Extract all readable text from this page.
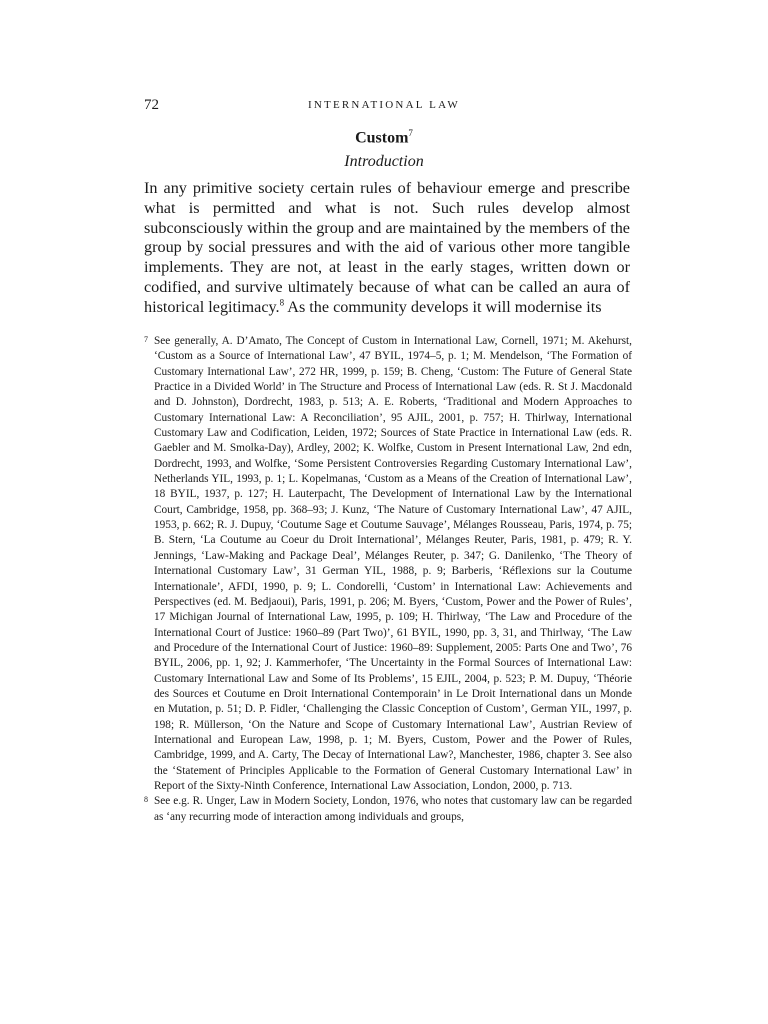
72	INTERNATIONAL LAW
Custom$^7$
Introduction

In any primitive society certain rules of behaviour emerge and prescribe what is permitted and what is not. Such rules develop almost subconsciously within the group and are maintained by the members of the group by social pressures and with the aid of various other more tangible implements. They are not, at least in the early stages, written down or codified, and survive ultimately because of what can be called an aura of historical legitimacy.$^8$ As the community develops it will modernise its

7 See generally, A. D’Amato, The Concept of Custom in International Law, Cornell, 1971; M. Akehurst, ‘Custom as a Source of International Law’, 47 BYIL, 1974–5, p. 1; M. Mendelson, ‘The Formation of Customary International Law’, 272 HR, 1999, p. 159; B. Cheng, ‘Custom: The Future of General State Practice in a Divided World’ in The Structure and Process of International Law (eds. R. St J. Macdonald and D. Johnston), Dordrecht, 1983, p. 513; A. E. Roberts, ‘Traditional and Modern Approaches to Customary International Law: A Reconciliation’, 95 AJIL, 2001, p. 757; H. Thirlway, International Customary Law and Codification, Leiden, 1972; Sources of State Practice in International Law (eds. R. Gaebler and M. Smolka-Day), Ardley, 2002; K. Wolfke, Custom in Present International Law, 2nd edn, Dordrecht, 1993, and Wolfke, ‘Some Persistent Controversies Regarding Customary International Law’, Netherlands YIL, 1993, p. 1; L. Kopelmanas, ‘Custom as a Means of the Creation of International Law’, 18 BYIL, 1937, p. 127; H. Lauterpacht, The Development of International Law by the International Court, Cambridge, 1958, pp. 368–93; J. Kunz, ‘The Nature of Customary International Law’, 47 AJIL, 1953, p. 662; R. J. Dupuy, ‘Coutume Sage et Coutume Sauvage’, Mélanges Rousseau, Paris, 1974, p. 75; B. Stern, ‘La Coutume au Coeur du Droit International’, Mélanges Reuter, Paris, 1981, p. 479; R. Y. Jennings, ‘Law-Making and Package Deal’, Mélanges Reuter, p. 347; G. Danilenko, ‘The Theory of International Customary Law’, 31 German YIL, 1988, p. 9; Barberis, ‘Réflexions sur la Coutume Internationale’, AFDI, 1990, p. 9; L. Condorelli, ‘Custom’ in International Law: Achievements and Perspectives (ed. M. Bedjaoui), Paris, 1991, p. 206; M. Byers, ‘Custom, Power and the Power of Rules’, 17 Michigan Journal of International Law, 1995, p. 109; H. Thirlway, ‘The Law and Procedure of the International Court of Justice: 1960–89 (Part Two)’, 61 BYIL, 1990, pp. 3, 31, and Thirlway, ‘The Law and Procedure of the International Court of Justice: 1960–89: Supplement, 2005: Parts One and Two’, 76 BYIL, 2006, pp. 1, 92; J. Kammerhofer, ‘The Uncertainty in the Formal Sources of International Law: Customary International Law and Some of Its Problems’, 15 EJIL, 2004, p. 523; P. M. Dupuy, ‘Théorie des Sources et Coutume en Droit International Contemporain’ in Le Droit International dans un Monde en Mutation, p. 51; D. P. Fidler, ‘Challenging the Classic Conception of Custom’, German YIL, 1997, p. 198; R. Müllerson, ‘On the Nature and Scope of Customary International Law’, Austrian Review of International and European Law, 1998, p. 1; M. Byers, Custom, Power and the Power of Rules, Cambridge, 1999, and A. Carty, The Decay of International Law?, Manchester, 1986, chapter 3. See also the ‘Statement of Principles Applicable to the Formation of General Customary International Law’ in Report of the Sixty-Ninth Conference, International Law Association, London, 2000, p. 713.

8 See e.g. R. Unger, Law in Modern Society, London, 1976, who notes that customary law can be regarded as ‘any recurring mode of interaction among individuals and groups,
